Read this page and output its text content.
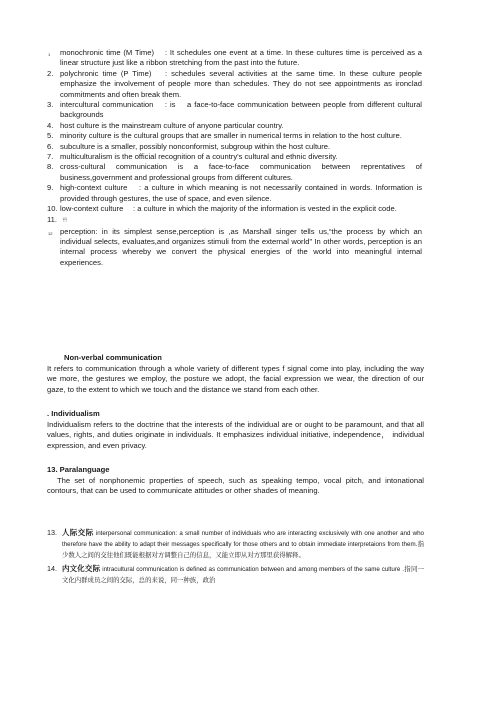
1 monochronic time (M Time) 　: It schedules one event at a time. In these cultures time is perceived as a linear structure just like a ribbon stretching from the past into the future.
2. polychronic time (P Time) 　: schedules several activities at the same time. In these culture people emphasize the involvement of people more than schedules. They do not see appointments as ironclad commitments and often break them.
3. intercultural communication 　: is 　a face-to-face communication between people from different cultural backgrounds
4. host culture is the mainstream culture of anyone particular country.
5. minority culture is the cultural groups that are smaller in numerical terms in relation to the host culture.
6. subculture is a smaller, possibly nonconformist, subgroup within the host culture.
7. multiculturalism is the official recognition of a country's cultural and ethnic diversity.
8. cross-cultural communication is a face-to-face communication between reprentatives of business,government and professional groups from different cultures.
9. high-context culture 　: a culture in which meaning is not necessarily contained in words. Information is provided through gestures, the use of space, and even silence.
10. low-context culture 　: a culture in which the majority of the information is vested in the explicit code.
11.	
12 perception: in its simplest sense,perception is ,as Marshall singer tells us,“the process by which an individual selects, evaluates,and organizes stimuli from the external world” In other words, perception is an internal process whereby we convert the physical energies of the world into meaningful internal experiences.
Non-verbal communication
It refers to communication through a whole variety of different types f signal come into play, including the way we more, the gestures we employ, the posture we adopt, the facial expression we wear, the direction of our gaze, to the extent to which we touch and the distance we stand from each other.
. Individualism
Individualism refers to the doctrine that the interests of the individual are or ought to be paramount, and that all values, rights, and duties originate in individuals. It emphasizes individual initiative, independence， individual expression, and even privacy.
13. Paralanguage
The set of nonphonemic properties of speech, such as speaking tempo, vocal pitch, and intonational contours, that can be used to communicate attitudes or other shades of meaning.
13. 人际交际 interpersonal communication: a small number of individuals who are interacting exclusively with one another and who therefore have the ability to adapt their messages specifically for those others and to obtain immediate interpretaions from them.指少数人之间的交往他们既能根据对方调整自己的信息，又能立即从对方那里获得解释。
14. 内文化交际 intracultural communication is defined as communication between and among members of the same culture .指同一文化内群成员之间的交际，总的来说，同一种族，政治
